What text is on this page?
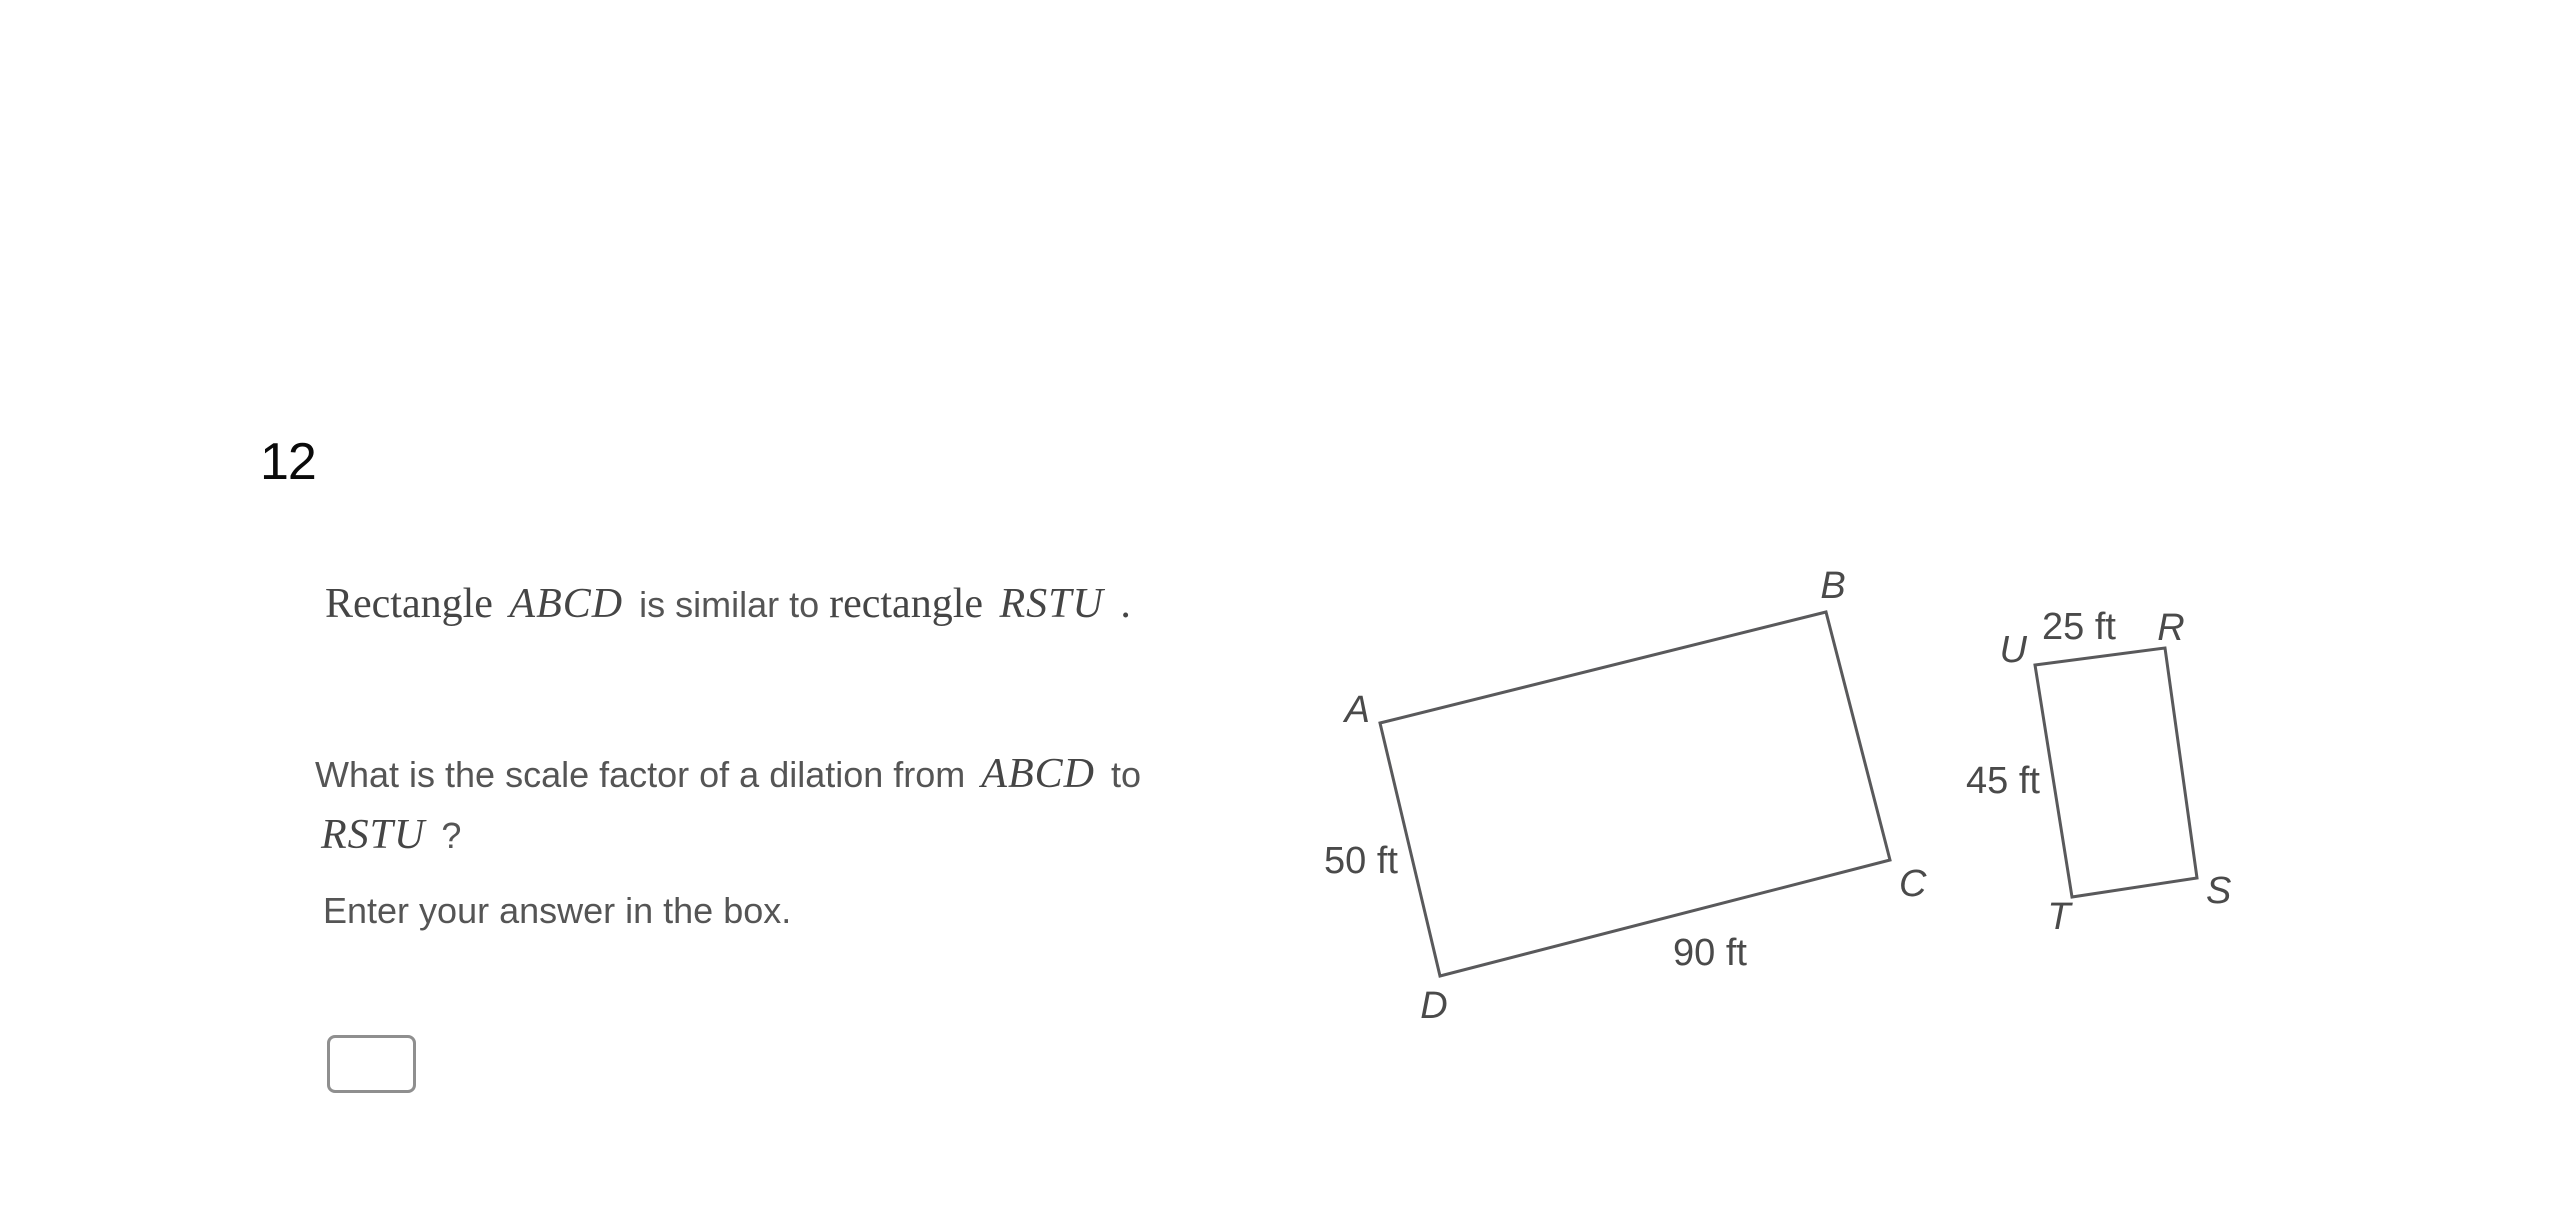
12

Rectangle ABCD is similar to rectangle RSTU .

What is the scale factor of a dilation from ABCD to
RSTU ?

Enter your answer in the box.

A
B
C
D
50 ft
90 ft
U
R
S
T
25 ft
45 ft
